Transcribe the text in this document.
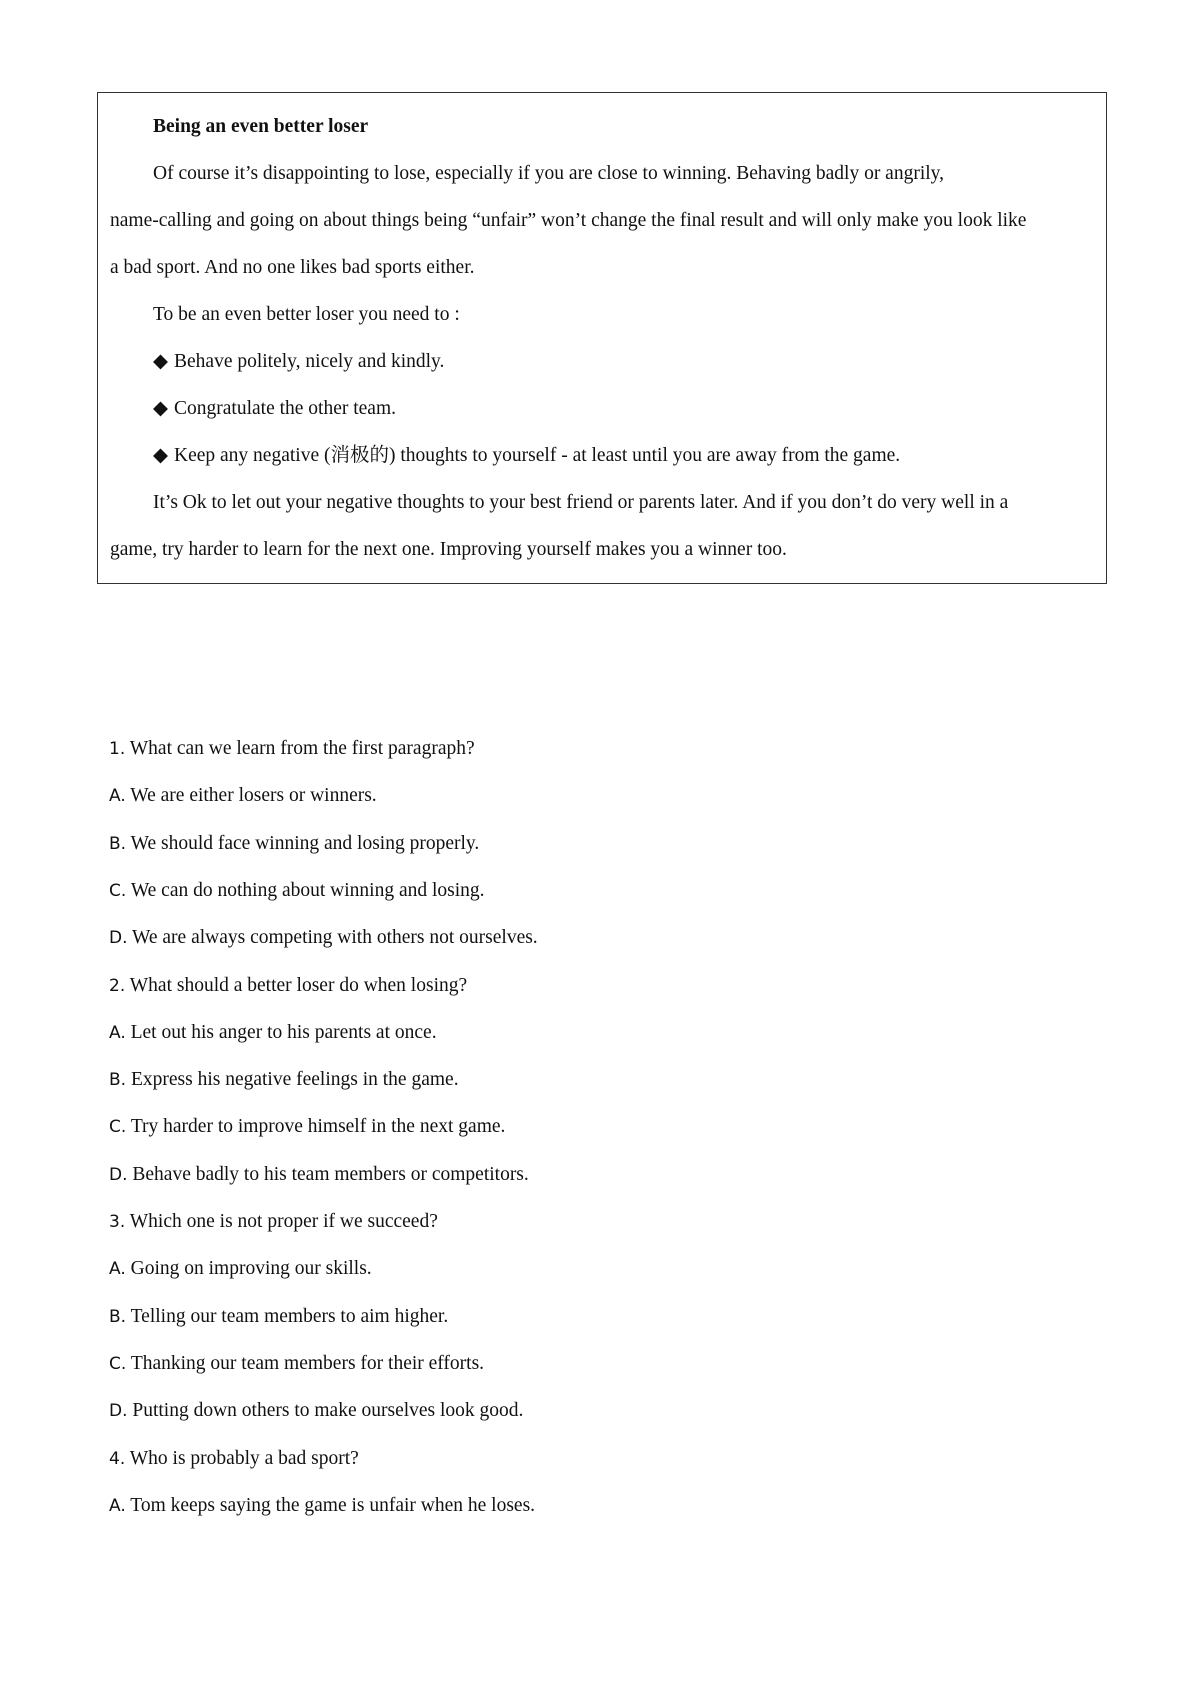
Being an even better loser
Of course it’s disappointing to lose, especially if you are close to winning. Behaving badly or angrily,
name-calling and going on about things being “unfair” won’t change the final result and will only make you look like
a bad sport. And no one likes bad sports either.
To be an even better loser you need to :
◆ Behave politely, nicely and kindly.
◆ Congratulate the other team.
◆ Keep any negative (消极的) thoughts to yourself - at least until you are away from the game.
It’s Ok to let out your negative thoughts to your best friend or parents later. And if you don’t do very well in a
game, try harder to learn for the next one. Improving yourself makes you a winner too.
1. What can we learn from the first paragraph?
A. We are either losers or winners.
B. We should face winning and losing properly.
C. We can do nothing about winning and losing.
D. We are always competing with others not ourselves.
2. What should a better loser do when losing?
A. Let out his anger to his parents at once.
B. Express his negative feelings in the game.
C. Try harder to improve himself in the next game.
D. Behave badly to his team members or competitors.
3. Which one is not proper if we succeed?
A. Going on improving our skills.
B. Telling our team members to aim higher.
C. Thanking our team members for their efforts.
D. Putting down others to make ourselves look good.
4. Who is probably a bad sport?
A. Tom keeps saying the game is unfair when he loses.
